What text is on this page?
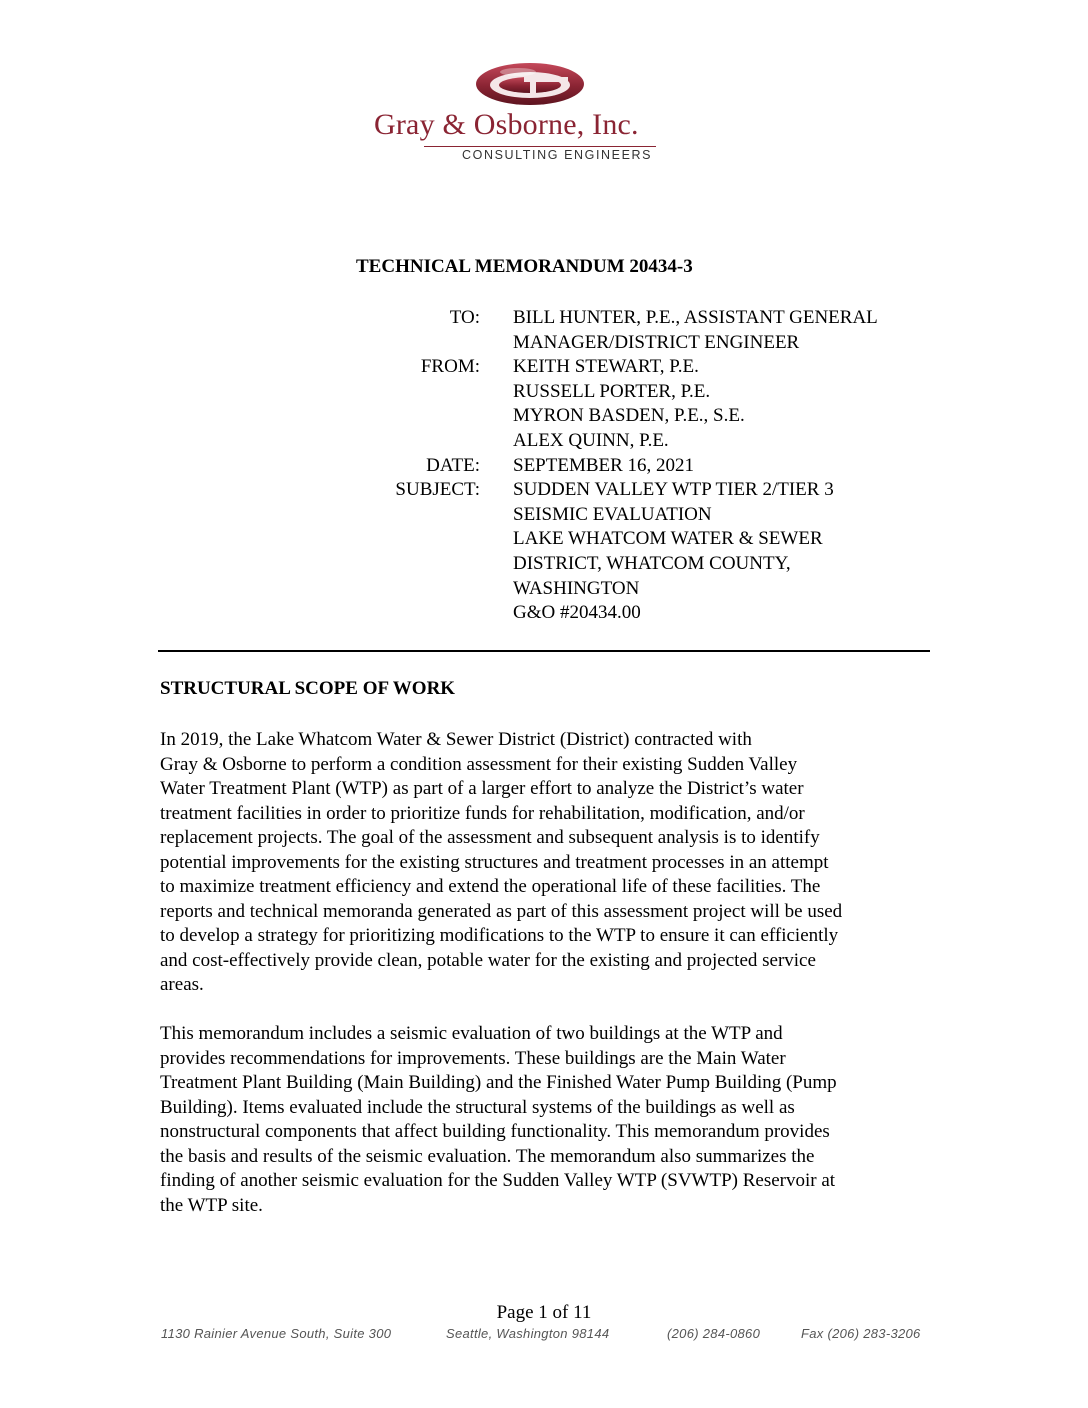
Gray & Osborne, Inc.
CONSULTING ENGINEERS
TECHNICAL MEMORANDUM 20434-3
TO: BILL HUNTER, P.E., ASSISTANT GENERAL
MANAGER/DISTRICT ENGINEER
FROM: KEITH STEWART, P.E.
RUSSELL PORTER, P.E.
MYRON BASDEN, P.E., S.E.
ALEX QUINN, P.E.
DATE: SEPTEMBER 16, 2021
SUBJECT: SUDDEN VALLEY WTP TIER 2/TIER 3
SEISMIC EVALUATION
LAKE WHATCOM WATER & SEWER
DISTRICT, WHATCOM COUNTY,
WASHINGTON
G&O #20434.00
STRUCTURAL SCOPE OF WORK
In 2019, the Lake Whatcom Water & Sewer District (District) contracted with
Gray & Osborne to perform a condition assessment for their existing Sudden Valley
Water Treatment Plant (WTP) as part of a larger effort to analyze the District’s water
treatment facilities in order to prioritize funds for rehabilitation, modification, and/or
replacement projects. The goal of the assessment and subsequent analysis is to identify
potential improvements for the existing structures and treatment processes in an attempt
to maximize treatment efficiency and extend the operational life of these facilities. The
reports and technical memoranda generated as part of this assessment project will be used
to develop a strategy for prioritizing modifications to the WTP to ensure it can efficiently
and cost-effectively provide clean, potable water for the existing and projected service
areas.
This memorandum includes a seismic evaluation of two buildings at the WTP and
provides recommendations for improvements. These buildings are the Main Water
Treatment Plant Building (Main Building) and the Finished Water Pump Building (Pump
Building). Items evaluated include the structural systems of the buildings as well as
nonstructural components that affect building functionality. This memorandum provides
the basis and results of the seismic evaluation. The memorandum also summarizes the
finding of another seismic evaluation for the Sudden Valley WTP (SVWTP) Reservoir at
the WTP site.
Page 1 of 11
1130 Rainier Avenue South, Suite 300	Seattle, Washington 98144	(206) 284-0860	Fax (206) 283-3206
